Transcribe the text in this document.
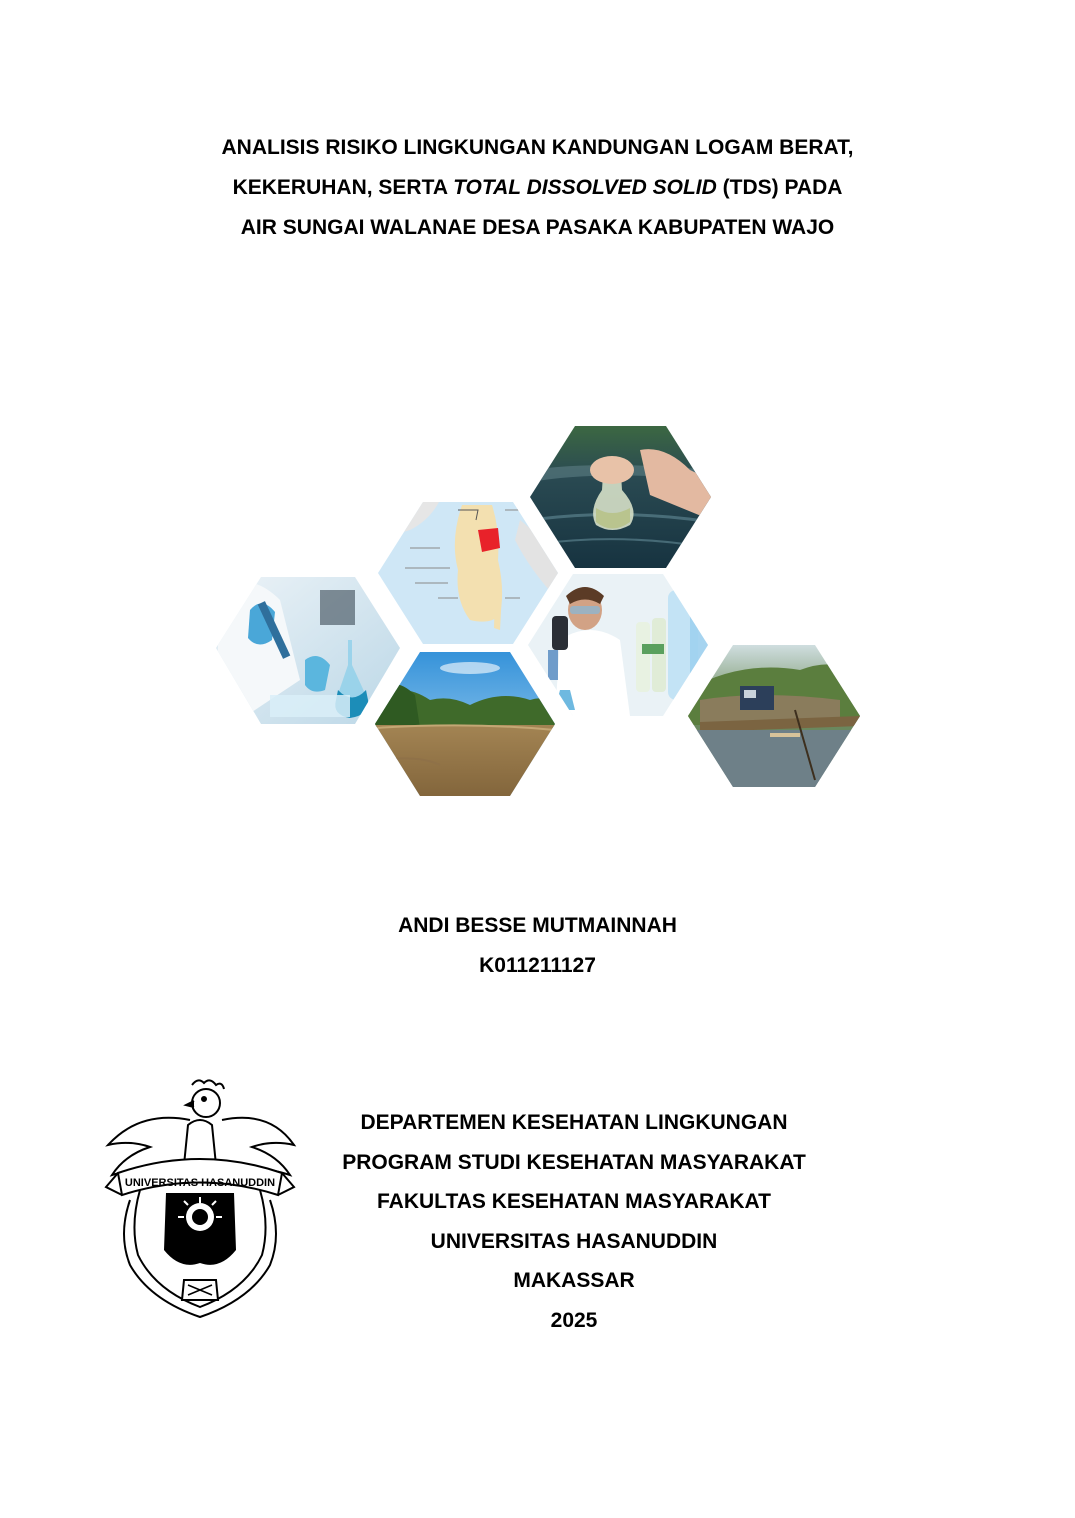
ANALISIS RISIKO LINGKUNGAN KANDUNGAN LOGAM BERAT,
KEKERUHAN, SERTA TOTAL DISSOLVED SOLID (TDS) PADA
AIR SUNGAI WALANAE DESA PASAKA KABUPATEN WAJO
ANDI BESSE MUTMAINNAH
K011211127
UNIVERSITAS HASANUDDIN
DEPARTEMEN KESEHATAN LINGKUNGAN
PROGRAM STUDI KESEHATAN MASYARAKAT
FAKULTAS KESEHATAN MASYARAKAT
UNIVERSITAS HASANUDDIN
MAKASSAR
2025
